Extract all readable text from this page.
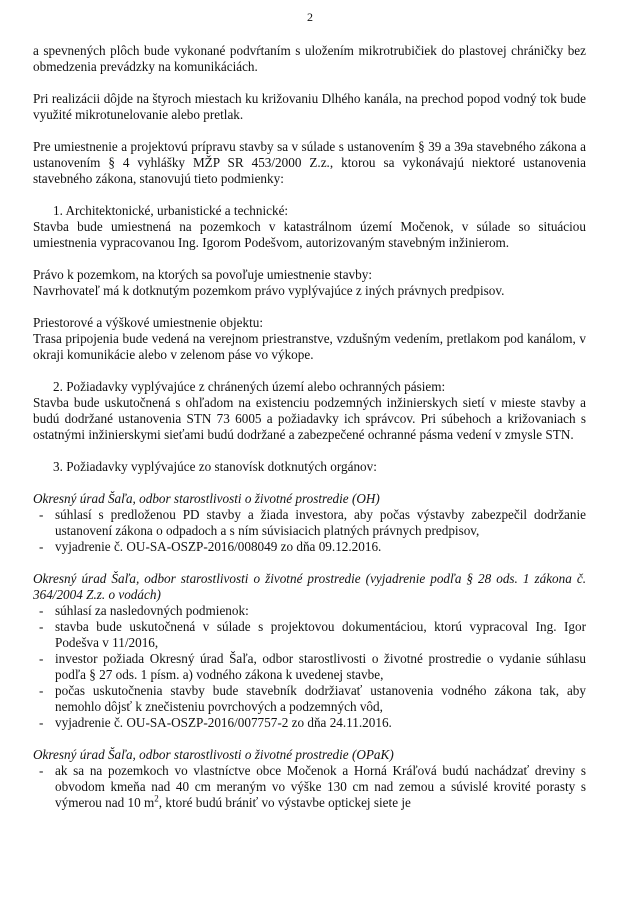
2

a spevnených plôch bude vykonané podvŕtaním s uložením mikrotrubičiek do plastovej chráničky bez obmedzenia prevádzky na komunikáciách.

Pri realizácii dôjde na štyroch miestach ku križovaniu Dlhého kanála, na prechod popod vodný tok bude využité mikrotunelovanie alebo pretlak.

Pre umiestnenie a projektovú prípravu stavby sa v súlade s ustanovením § 39 a 39a stavebného zákona a ustanovením § 4 vyhlášky MŽP SR 453/2000 Z.z., ktorou sa vykonávajú niektoré ustanovenia stavebného zákona, stanovujú tieto podmienky:

1. Architektonické, urbanistické a technické:

Stavba bude umiestnená na pozemkoch v katastrálnom území Močenok, v súlade so situáciou umiestnenia vypracovanou Ing. Igorom Podešvom, autorizovaným stavebným inžinierom.

Právo k pozemkom, na ktorých sa povoľuje umiestnenie stavby:

Navrhovateľ má k dotknutým pozemkom právo vyplývajúce z iných právnych predpisov.

Priestorové a výškové umiestnenie objektu:

Trasa pripojenia bude vedená na verejnom priestranstve, vzdušným vedením, pretlakom pod kanálom, v okraji komunikácie alebo v zelenom páse vo výkope.

2. Požiadavky vyplývajúce z chránených území alebo ochranných pásiem:

Stavba bude uskutočnená s ohľadom na existenciu podzemných inžinierskych sietí v mieste stavby a budú dodržané ustanovenia STN 73 6005 a požiadavky ich správcov. Pri súbehoch a križovaniach s ostatnými inžinierskymi sieťami budú dodržané a zabezpečené ochranné pásma vedení v zmysle STN.

3. Požiadavky vyplývajúce zo stanovísk dotknutých orgánov:

Okresný úrad Šaľa, odbor starostlivosti o životné prostredie (OH)

- súhlasí s predloženou PD stavby a žiada investora, aby počas výstavby zabezpečil dodržanie ustanovení zákona o odpadoch a s ním súvisiacich platných právnych predpisov,
- vyjadrenie č. OU-SA-OSZP-2016/008049 zo dňa 09.12.2016.

Okresný úrad Šaľa, odbor starostlivosti o životné prostredie (vyjadrenie podľa § 28 ods. 1 zákona č. 364/2004 Z.z. o vodách)

- súhlasí za nasledovných podmienok:
- stavba bude uskutočnená v súlade s projektovou dokumentáciou, ktorú vypracoval Ing. Igor Podešva v 11/2016,
- investor požiada Okresný úrad Šaľa, odbor starostlivosti o životné prostredie o vydanie súhlasu podľa § 27 ods. 1 písm. a) vodného zákona k uvedenej stavbe,
- počas uskutočnenia stavby bude stavebník dodržiavať ustanovenia vodného zákona tak, aby nemohlo dôjsť k znečisteniu povrchových a podzemných vôd,
- vyjadrenie č. OU-SA-OSZP-2016/007757-2 zo dňa 24.11.2016.

Okresný úrad Šaľa, odbor starostlivosti o životné prostredie (OPaK)

- ak sa na pozemkoch vo vlastníctve obce Močenok a Horná Kráľová budú nachádzať dreviny s obvodom kmeňa nad 40 cm meraným vo výške 130 cm nad zemou a súvislé krovité porasty s výmerou nad 10 $m^2$, ktoré budú brániť vo výstavbe optickej siete je
